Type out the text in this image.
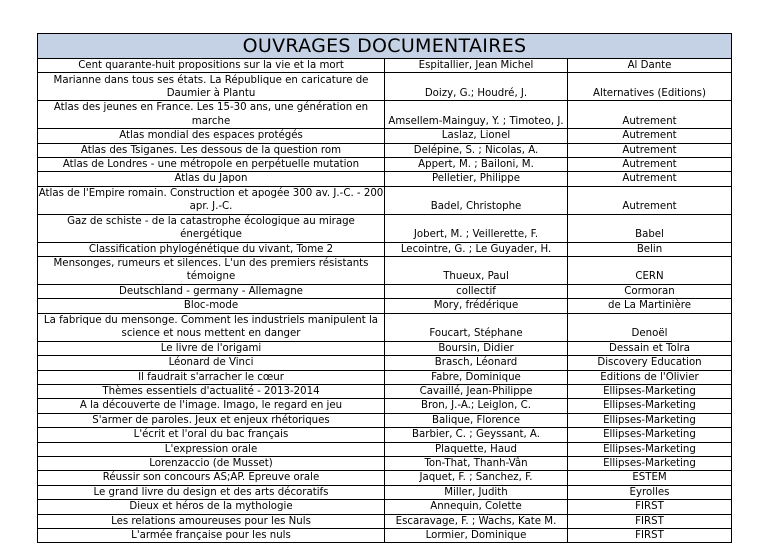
OUVRAGES DOCUMENTAIRES		
Cent quarante-huit propositions sur la vie et la mort	Espitallier, Jean Michel	Al Dante
Marianne dans tous ses états. La République en caricature de Daumier à Plantu	Doizy, G.; Houdré, J.	Alternatives (Editions)
Atlas des jeunes en France. Les 15-30 ans, une génération en marche	Amsellem-Mainguy, Y. ; Timoteo, J.	Autrement
Atlas mondial des espaces protégés	Laslaz, Lionel	Autrement
Atlas des Tsiganes. Les dessous de la question rom	Delépine, S. ; Nicolas, A.	Autrement
Atlas de Londres - une métropole en perpétuelle mutation	Appert, M. ; Bailoni, M.	Autrement
Atlas du Japon	Pelletier, Philippe	Autrement
Atlas de l'Empire romain. Construction et apogée 300 av. J.-C. - 200 apr. J.-C.	Badel, Christophe	Autrement
Gaz de schiste - de la catastrophe écologique au mirage énergétique	Jobert, M. ; Veillerette, F.	Babel
Classification phylogénétique du vivant, Tome 2	Lecointre, G. ; Le Guyader, H.	Belin
Mensonges, rumeurs et silences. L'un des premiers résistants témoigne	Thueux, Paul	CERN
Deutschland - germany - Allemagne	collectif	Cormoran
Bloc-mode	Mory, frédérique	de La Martinière
La fabrique du mensonge. Comment les industriels manipulent la science et nous mettent en danger	Foucart, Stéphane	Denoël
Le livre de l'origami	Boursin, Didier	Dessain et Tolra
Léonard de Vinci	Brasch, Léonard	Discovery Education
Il faudrait s'arracher le cœur	Fabre, Dominique	Editions de l'Olivier
Thèmes essentiels d'actualité - 2013-2014	Cavaillé, Jean-Philippe	Ellipses-Marketing
A la découverte de l'image. Imago, le regard en jeu	Bron, J.-A.; Leiglon, C.	Ellipses-Marketing
S'armer de paroles. Jeux et enjeux rhétoriques	Balique, Florence	Ellipses-Marketing
L'écrit et l'oral du bac français	Barbier, C. ; Geyssant, A.	Ellipses-Marketing
L'expression orale	Plaquette, Haud	Ellipses-Marketing
Lorenzaccio (de Musset)	Ton-That, Thanh-Vân	Ellipses-Marketing
Réussir son concours AS;AP. Epreuve orale	Jaquet, F. ; Sanchez, F.	ESTEM
Le grand livre du design et des arts décoratifs	Miller, Judith	Eyrolles
Dieux et héros de la mythologie	Annequin, Colette	FIRST
Les relations amoureuses pour les Nuls	Escaravage, F. ; Wachs, Kate M.	FIRST
L'armée française pour les nuls	Lormier, Dominique	FIRST
